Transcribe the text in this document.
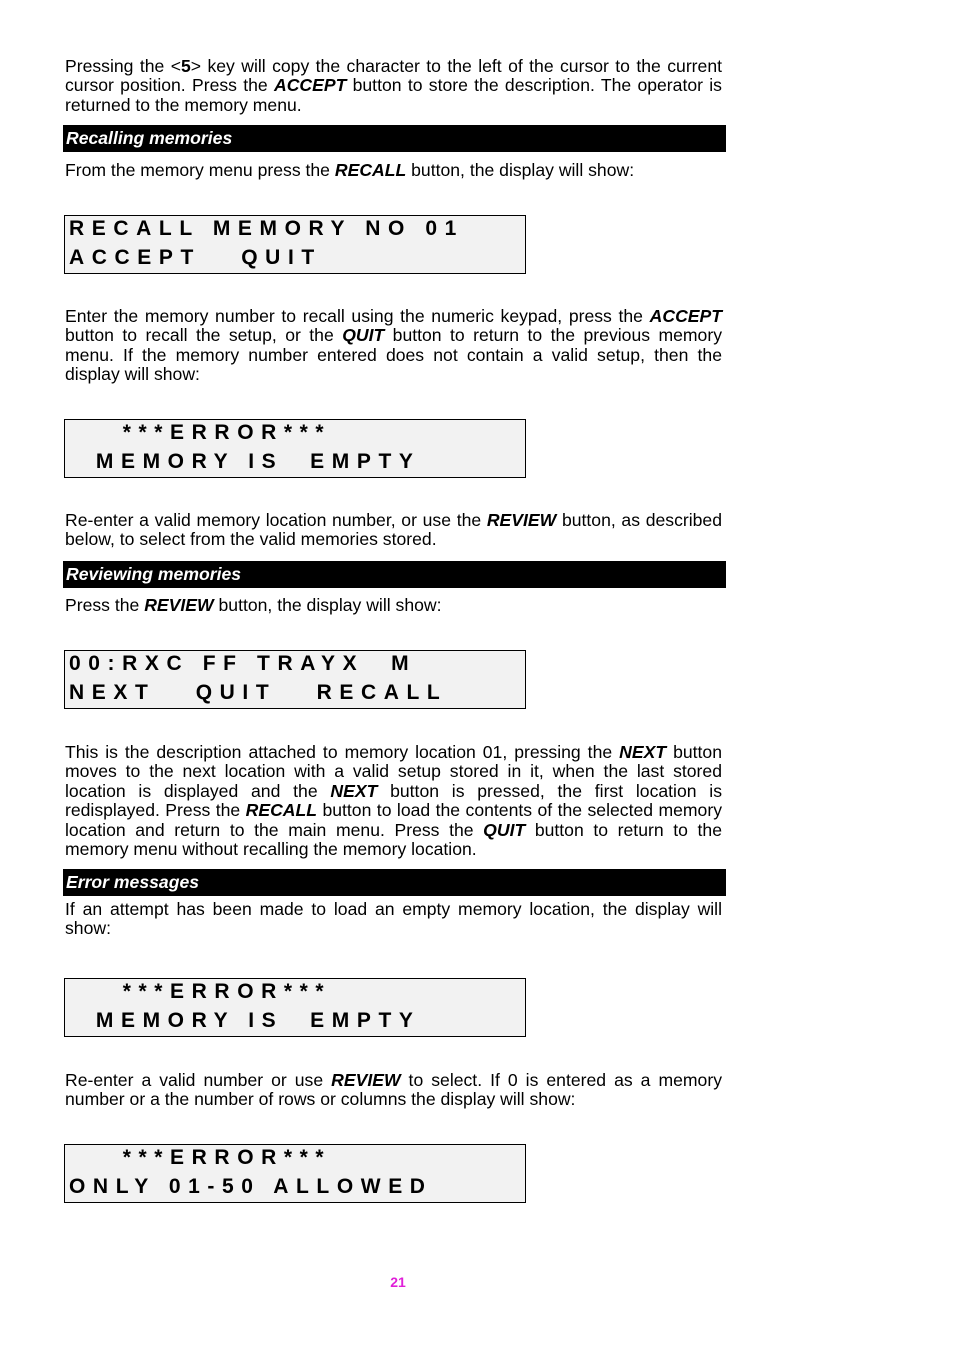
Pressing the <5> key will copy the character to the left of the cursor to the current cursor position. Press the ACCEPT button to store the description. The operator is returned to the memory menu.

Recalling memories

From the memory menu press the RECALL button, the display will show:

RECALL MEMORY NO 01
ACCEPT   QUIT

Enter the memory number to recall using the numeric keypad, press the ACCEPT button to recall the setup, or the QUIT button to return to the previous memory menu. If the memory number entered does not contain a valid setup, then the display will show:

***ERROR***
MEMORY IS  EMPTY

Re-enter a valid memory location number, or use the REVIEW button, as described below, to select from the valid memories stored.

Reviewing memories

Press the REVIEW button, the display will show:

00:RXC FF TRAYX  M
NEXT   QUIT   RECALL

This is the description attached to memory location 01, pressing the NEXT button moves to the next location with a valid setup stored in it, when the last stored location is displayed and the NEXT button is pressed, the first location is redisplayed. Press the RECALL button to load the contents of the selected memory location and return to the main menu. Press the QUIT button to return to the memory menu without recalling the memory location.

Error messages

If an attempt has been made to load an empty memory location, the display will show:

***ERROR***
MEMORY IS  EMPTY

Re-enter a valid number or use REVIEW to select. If 0 is entered as a memory number or a the number of rows or columns the display will show:

***ERROR***
ONLY 01-50 ALLOWED
21
